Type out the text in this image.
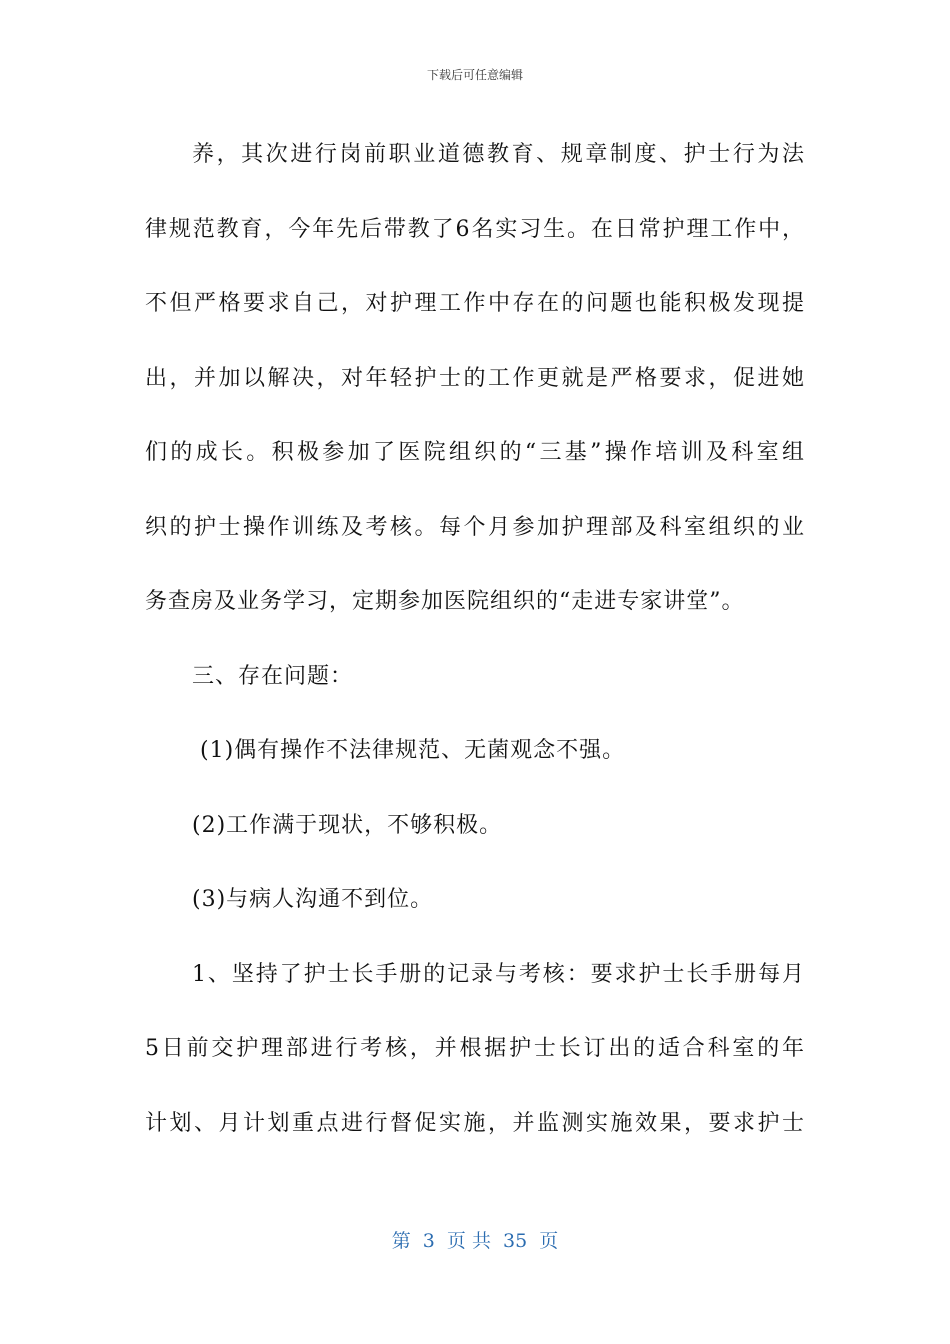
下载后可任意编辑
养，其次进行岗前职业道德教育、规章制度、护士行为法
律规范教育，今年先后带教了6名实习生。在日常护理工作中，
不但严格要求自己，对护理工作中存在的问题也能积极发现提
出，并加以解决，对年轻护士的工作更就是严格要求，促进她
们的成长。积极参加了医院组织的“三基”操作培训及科室组
织的护士操作训练及考核。每个月参加护理部及科室组织的业
务查房及业务学习，定期参加医院组织的“走进专家讲堂”。
三、存在问题：
(1)偶有操作不法律规范、无菌观念不强。
(2)工作满于现状，不够积极。
(3)与病人沟通不到位。
1、坚持了护士长手册的记录与考核：要求护士长手册每月
5日前交护理部进行考核，并根据护士长订出的适合科室的年
计划、月计划重点进行督促实施，并监测实施效果，要求护士
第 3 页 共 35 页
